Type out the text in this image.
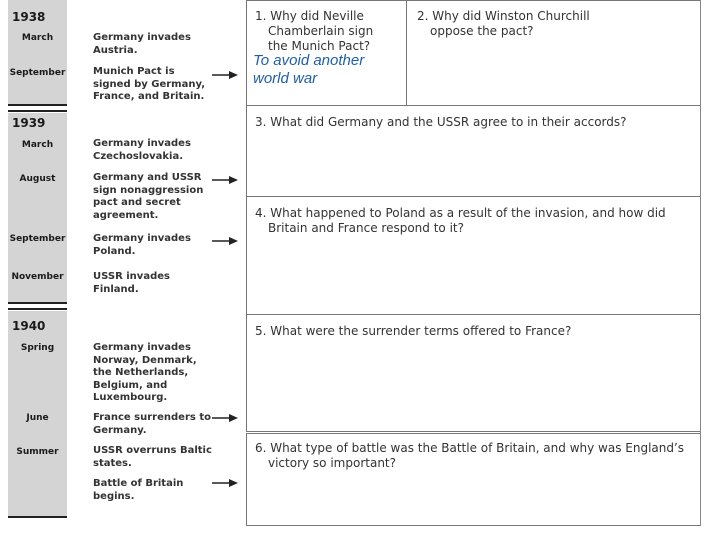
1938
1939
1940
March
September
March
August
September
November
Spring
June
Summer
Germany invades
Austria.
Munich Pact is
signed by Germany,
France, and Britain.
Germany invades
Czechoslovakia.
Germany and USSR
sign nonaggression
pact and secret
agreement.
Germany invades
Poland.
USSR invades
Finland.
Germany invades
Norway, Denmark,
the Netherlands,
Belgium, and
Luxembourg.
France surrenders to
Germany.
USSR overruns Baltic
states.
Battle of Britain
begins.
1. Why did Neville
Chamberlain sign
the Munich Pact?
2. Why did Winston Churchill
oppose the pact?
3. What did Germany and the USSR agree to in their accords?
4. What happened to Poland as a result of the invasion, and how did
Britain and France respond to it?
5. What were the surrender terms offered to France?
6. What type of battle was the Battle of Britain, and why was England’s
victory so important?
To avoid another
world war
